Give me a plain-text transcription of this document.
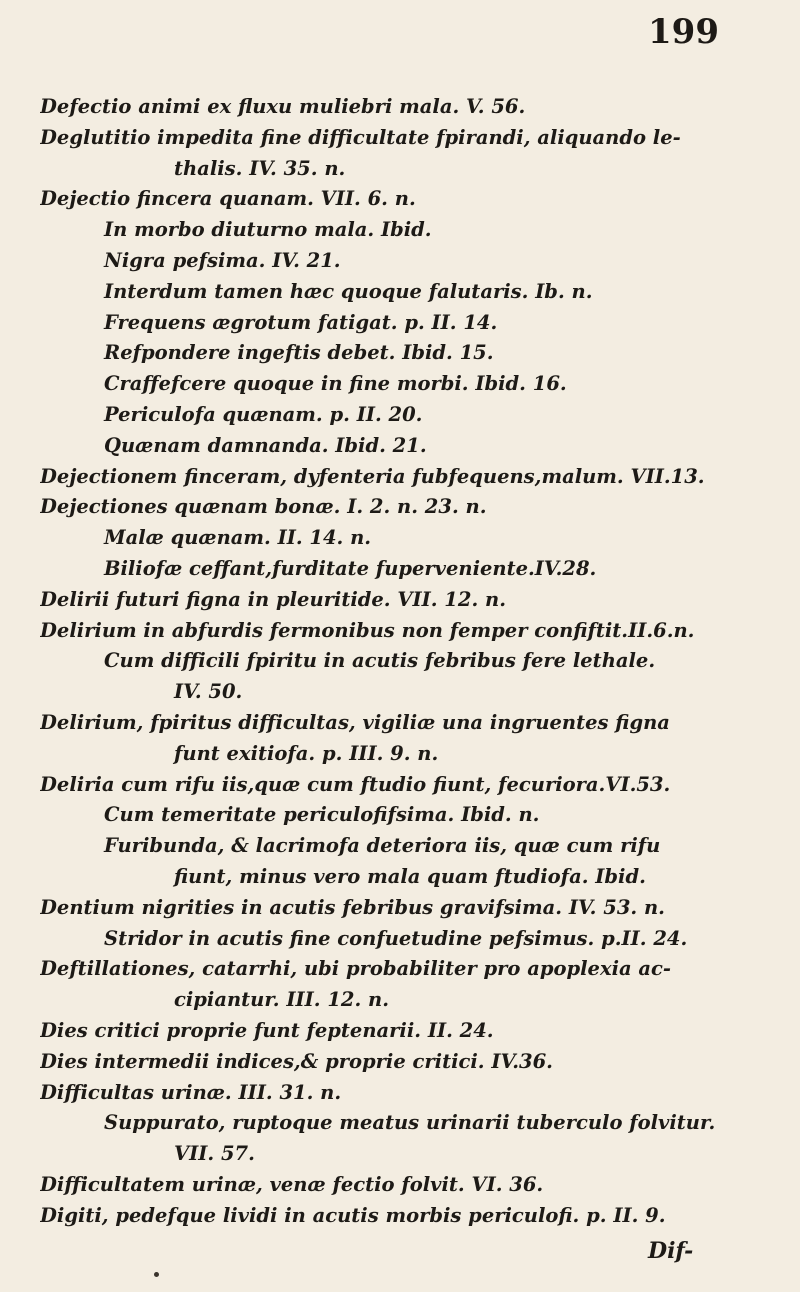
199

Defectio animi ex fluxu muliebri mala. V. 56.

Deglutitio impedita fine difficultate fpirandi, aliquando le-

thalis. IV. 35. n.

Dejectio fincera quanam. VII. 6. n.

In morbo diuturno mala. Ibid.

Nigra pefsima. IV. 21.

Interdum tamen hæc quoque falutaris. Ib. n.

Frequens ægrotum fatigat. p. II. 14.

Refpondere ingeftis debet. Ibid. 15.

Craffefcere quoque in fine morbi. Ibid. 16.

Periculofa quænam. p. II. 20.

Quænam damnanda. Ibid. 21.

Dejectionem finceram, dyfenteria fubfequens,malum. VII.13.

Dejectiones quænam bonæ. I. 2. n. 23. n.

Malæ quænam. II. 14. n.

Biliofæ ceffant,furditate fuperveniente.IV.28.

Delirii futuri figna in pleuritide. VII. 12. n.

Delirium in abfurdis fermonibus non femper confiftit.II.6.n.

Cum difficili fpiritu in acutis febribus fere lethale.

IV. 50.

Delirium, fpiritus difficultas, vigiliæ una ingruentes figna

funt exitiofa. p. III. 9. n.

Deliria cum rifu iis,quæ cum ftudio fiunt, fecuriora.VI.53.

Cum temeritate periculofifsima. Ibid. n.

Furibunda, & lacrimofa deteriora iis, quæ cum rifu

fiunt, minus vero mala quam ftudiofa. Ibid.

Dentium nigrities in acutis febribus gravifsima. IV. 53. n.

Stridor in acutis fine confuetudine pefsimus. p.II. 24.

Deftillationes, catarrhi, ubi probabiliter pro apoplexia ac-

cipiantur. III. 12. n.

Dies critici proprie funt feptenarii. II. 24.

Dies intermedii indices,& proprie critici. IV.36.

Difficultas urinæ. III. 31. n.

Suppurato, ruptoque meatus urinarii tuberculo folvitur.

VII. 57.

Difficultatem urinæ, venæ fectio folvit. VI. 36.

Digiti, pedefque lividi in acutis morbis periculofi. p. II. 9.

Dif-
